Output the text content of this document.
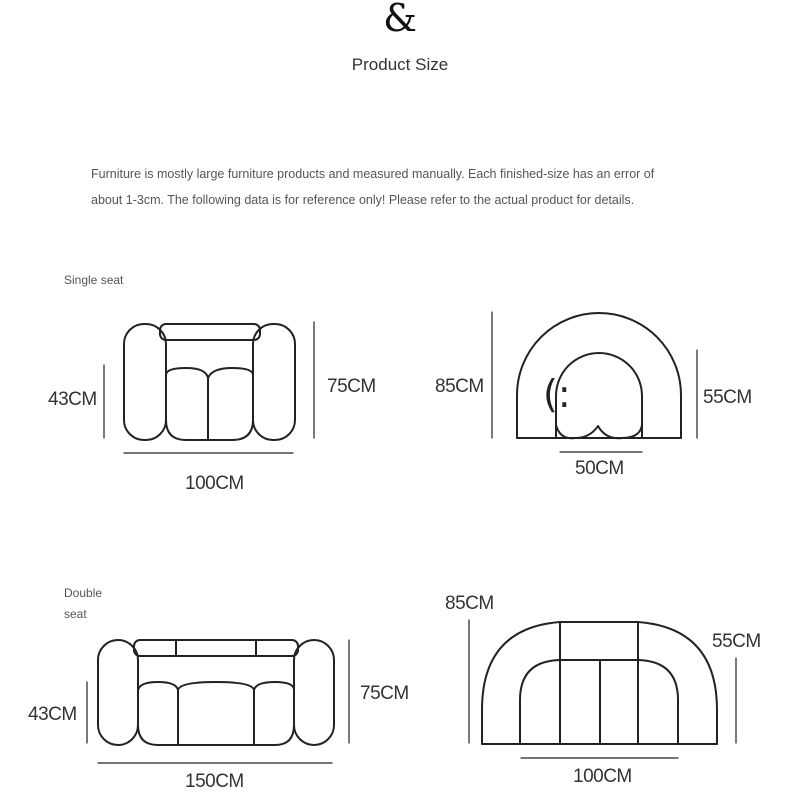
&
Product Size
Furniture is mostly large furniture products and measured manually. Each finished-size has an error of
about 1-3cm. The following data is for reference only! Please refer to the actual product for details.
Single seat
Double
seat
43CM
75CM
100CM
85CM
55CM
50CM
(:
43CM
75CM
150CM
85CM
55CM
100CM
